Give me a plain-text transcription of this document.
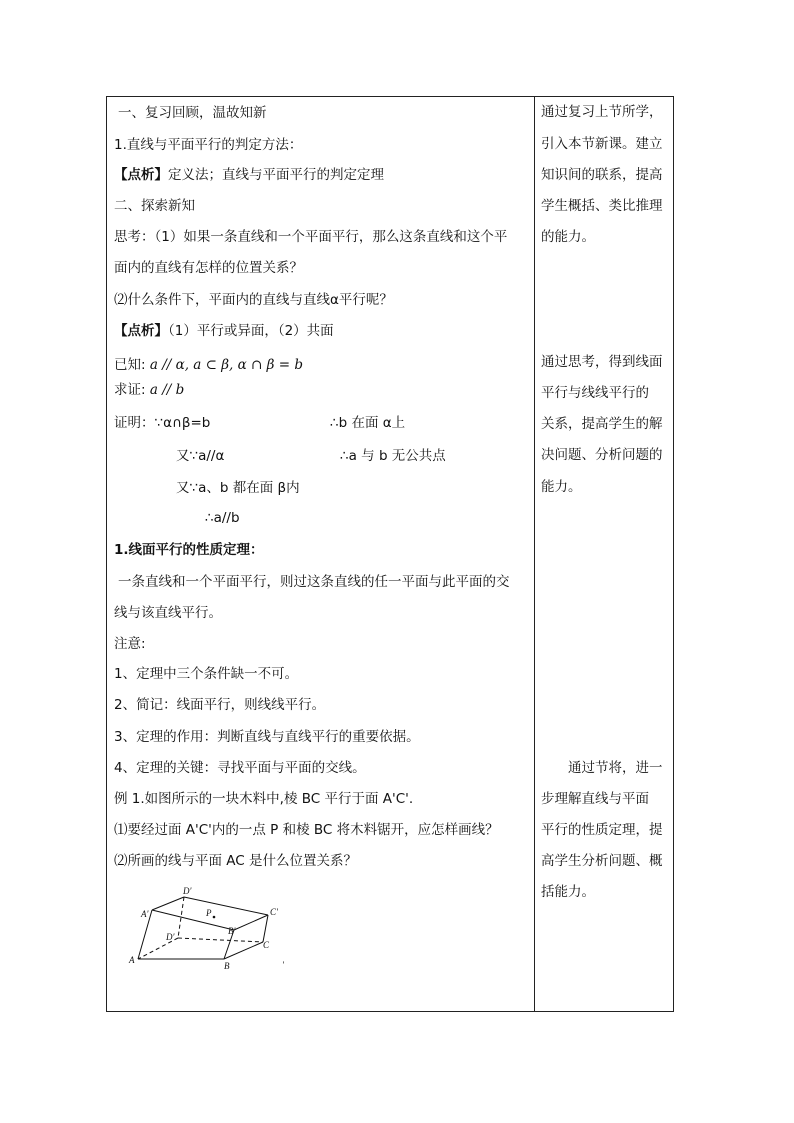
一、复习回顾，温故知新
1.直线与平面平行的判定方法：
【点析】定义法；直线与平面平行的判定定理
二、探索新知
思考：（1）如果一条直线和一个平面平行，那么这条直线和这个平
面内的直线有怎样的位置关系？
⑵什么条件下，平面内的直线与直线α平行呢？
【点析】（1）平行或异面，（2）共面
已知: a // α, a ⊂ β, α ∩ β = b
求证: a // b
证明：∵α∩β=b	∴b 在面 α上
又∵a//α	∴a 与 b 无公共点
又∵a、b 都在面 β内
∴a//b
1.线面平行的性质定理：
一条直线和一个平面平行，则过这条直线的任一平面与此平面的交
线与该直线平行。
注意:
1、定理中三个条件缺一不可。
2、简记：线面平行，则线线平行。
3、定理的作用：判断直线与直线平行的重要依据。
4、定理的关键：寻找平面与平面的交线。
例 1.如图所示的一块木料中,棱 BC 平行于面 A'C'.
⑴要经过面 A'C'内的一点 P 和棱 BC 将木料锯开，应怎样画线？
⑵所画的线与平面 AC 是什么位置关系？
A'
D'
C'
B'
P
D'
A
B
C
'
通过复习上节所学，
引入本节新课。建立
知识间的联系，提高
学生概括、类比推理
的能力。
通过思考，得到线面
平行与线线平行的
关系，提高学生的解
决问题、分析问题的
能力。
通过节将，进一
步理解直线与平面
平行的性质定理，提
高学生分析问题、概
括能力。
